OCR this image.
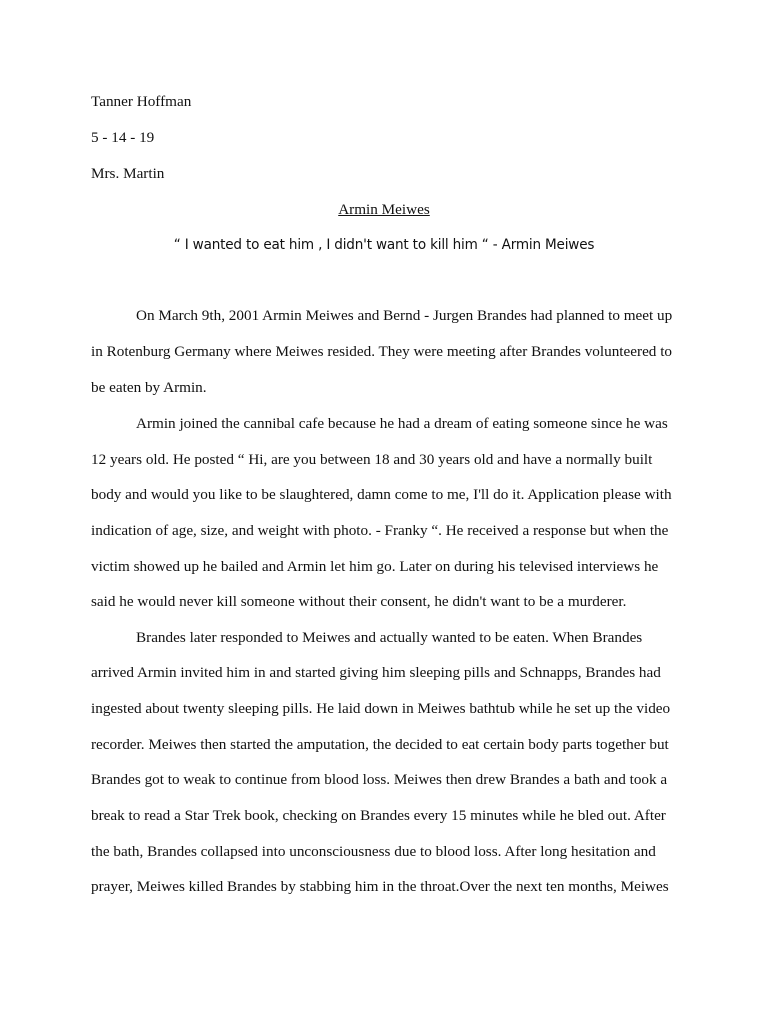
Tanner Hoffman
5 - 14 - 19
Mrs. Martin
Armin Meiwes
“ I wanted to eat him , I didn't want to kill him “ - Armin Meiwes
On March 9th, 2001 Armin Meiwes and Bernd - Jurgen Brandes had planned to meet up
in Rotenburg Germany where Meiwes resided. They were meeting after Brandes volunteered to
be eaten by Armin.
Armin joined the cannibal cafe because he had a dream of eating someone since he was
12 years old. He posted “ Hi, are you between 18 and 30 years old and have a normally built
body and would you like to be slaughtered, damn come to me, I'll do it. Application please with
indication of age, size, and weight with photo. - Franky “. He received a response but when the
victim showed up he bailed and Armin let him go. Later on during his televised interviews he
said he would never kill someone without their consent, he didn't want to be a murderer.
Brandes later responded to Meiwes and actually wanted to be eaten. When Brandes
arrived Armin invited him in and started giving him sleeping pills and Schnapps, Brandes had
ingested about twenty sleeping pills. He laid down in Meiwes bathtub while he set up the video
recorder. Meiwes then started the amputation, the decided to eat certain body parts together but
Brandes got to weak to continue from blood loss. Meiwes then drew Brandes a bath and took a
break to read a Star Trek book, checking on Brandes every 15 minutes while he bled out. After
the bath, Brandes collapsed into unconsciousness due to blood loss. After long hesitation and
prayer, Meiwes killed Brandes by stabbing him in the throat.Over the next ten months, Meiwes
